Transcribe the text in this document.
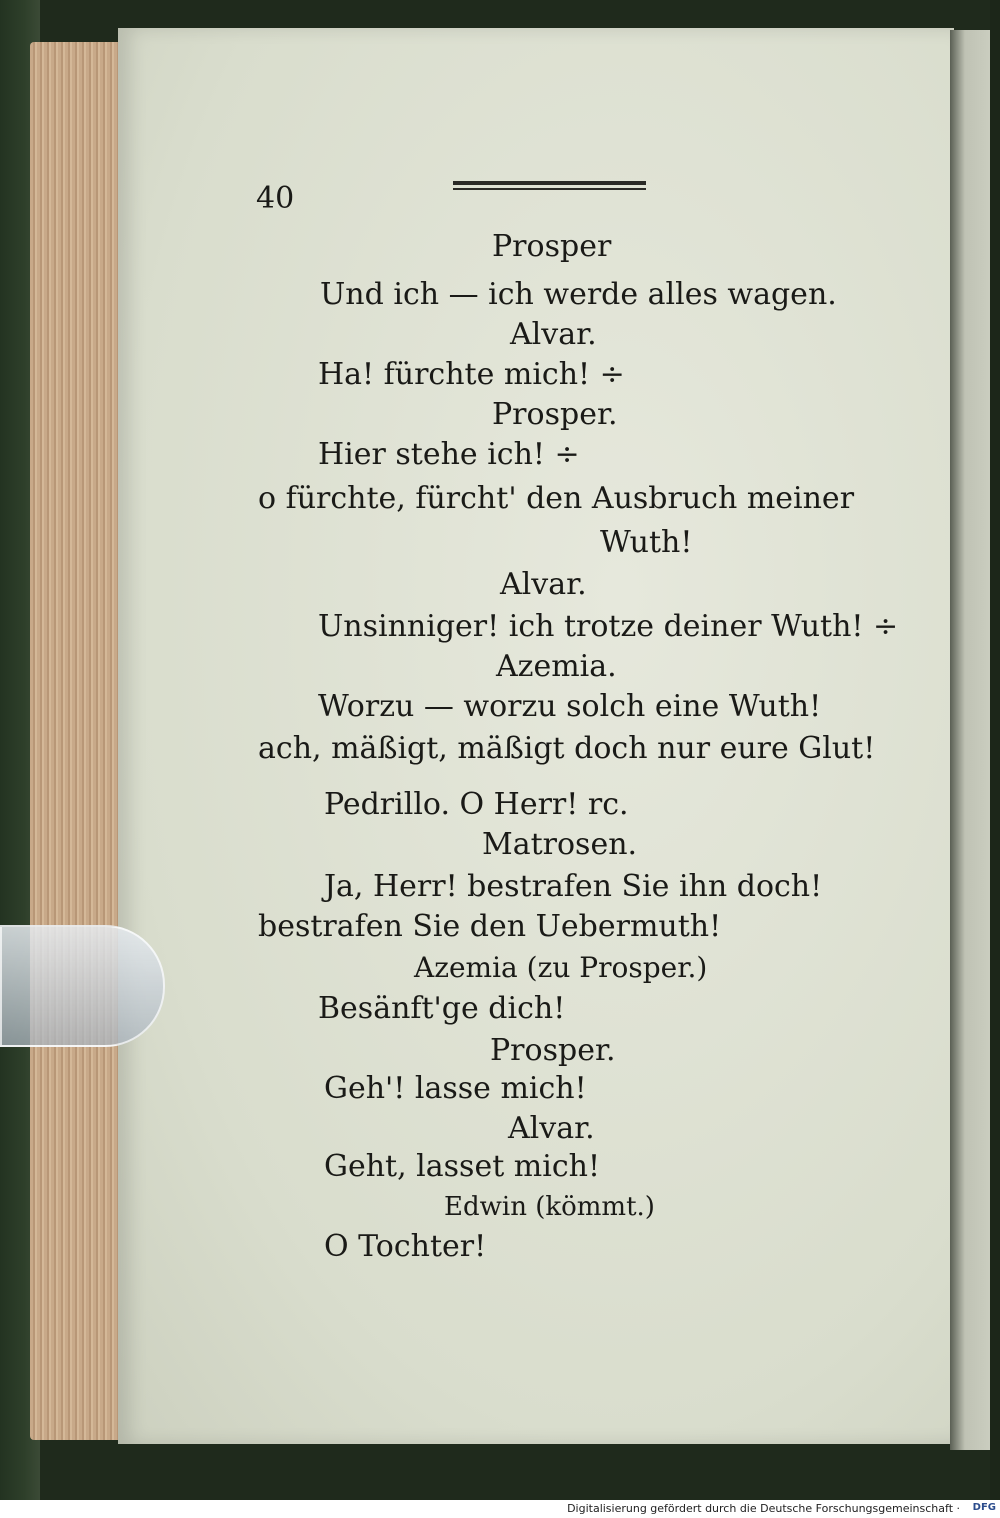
40
Prosper
Und ich — ich werde alles wagen.
Alvar.
Ha! fürchte mich! ÷
Prosper.
Hier stehe ich! ÷
o fürchte, fürcht' den Ausbruch meiner
Wuth!
Alvar.
Unsinniger! ich trotze deiner Wuth! ÷
Azemia.
Worzu — worzu solch eine Wuth!
ach, mäßigt, mäßigt doch nur eure Glut!
Pedrillo. O Herr! rc.
Matrosen.
Ja, Herr! bestrafen Sie ihn doch!
bestrafen Sie den Uebermuth!
Azemia (zu Prosper.)
Besänft'ge dich!
Prosper.
Geh'! lasse mich!
Alvar.
Geht, lasset mich!
Edwin (kömmt.)
O Tochter!
Digitalisierung gefördert durch die Deutsche Forschungsgemeinschaft · DFG
